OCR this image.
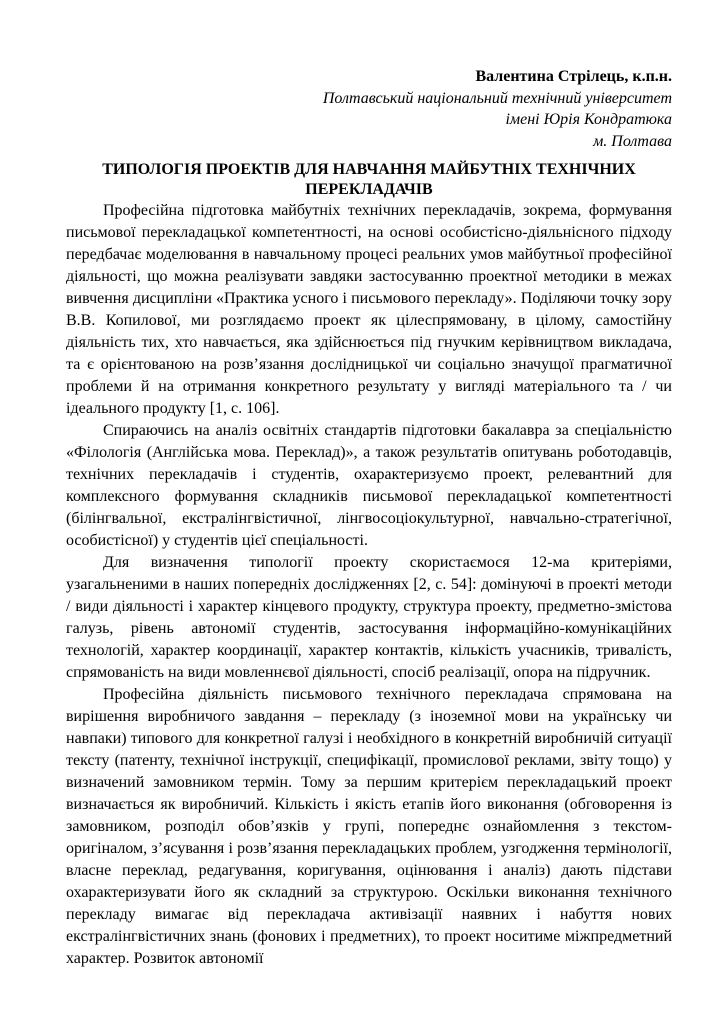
Валентина Стрілець, к.п.н.
Полтавський національний технічний університет
імені Юрія Кондратюка
м. Полтава
ТИПОЛОГІЯ ПРОЕКТІВ ДЛЯ НАВЧАННЯ МАЙБУТНІХ ТЕХНІЧНИХ ПЕРЕКЛАДАЧІВ

Професійна підготовка майбутніх технічних перекладачів, зокрема, формування письмової перекладацької компетентності, на основі особистісно-діяльнісного підходу передбачає моделювання в навчальному процесі реальних умов майбутньої професійної діяльності, що можна реалізувати завдяки застосуванню проектної методики в межах вивчення дисципліни «Практика усного і письмового перекладу». Поділяючи точку зору В.В. Копилової, ми розглядаємо проект як цілеспрямовану, в цілому, самостійну діяльність тих, хто навчається, яка здійснюється під гнучким керівництвом викладача, та є орієнтованою на розв’язання дослідницької чи соціально значущої прагматичної проблеми й на отримання конкретного результату у вигляді матеріального та / чи ідеального продукту [1, с. 106].

Спираючись на аналіз освітніх стандартів підготовки бакалавра за спеціальністю «Філологія (Англійська мова. Переклад)», а також результатів опитувань роботодавців, технічних перекладачів і студентів, охарактеризуємо проект, релевантний для комплексного формування складників письмової перекладацької компетентності (білінгвальної, екстралінгвістичної, лінгвосоціокультурної, навчально-стратегічної, особистісної) у студентів цієї спеціальності.

Для визначення типології проекту скористаємося 12-ма критеріями, узагальненими в наших попередніх дослідженнях [2, с. 54]: домінуючі в проекті методи / види діяльності і характер кінцевого продукту, структура проекту, предметно-змістова галузь, рівень автономії студентів, застосування інформаційно-комунікаційних технологій, характер координації, характер контактів, кількість учасників, тривалість, спрямованість на види мовленнєвої діяльності, спосіб реалізації, опора на підручник.

Професійна діяльність письмового технічного перекладача спрямована на вирішення виробничого завдання – перекладу (з іноземної мови на українську чи навпаки) типового для конкретної галузі і необхідного в конкретній виробничій ситуації тексту (патенту, технічної інструкції, специфікації, промислової реклами, звіту тощо) у визначений замовником термін. Тому за першим критерієм перекладацький проект визначається як виробничий. Кількість і якість етапів його виконання (обговорення із замовником, розподіл обов’язків у групі, попереднє ознайомлення з текстом-оригіналом, з’ясування і розв’язання перекладацьких проблем, узгодження термінології, власне переклад, редагування, коригування, оцінювання і аналіз) дають підстави охарактеризувати його як складний за структурою. Оскільки виконання технічного перекладу вимагає від перекладача активізації наявних і набуття нових екстралінгвістичних знань (фонових і предметних), то проект носитиме міжпредметний характер. Розвиток автономії
